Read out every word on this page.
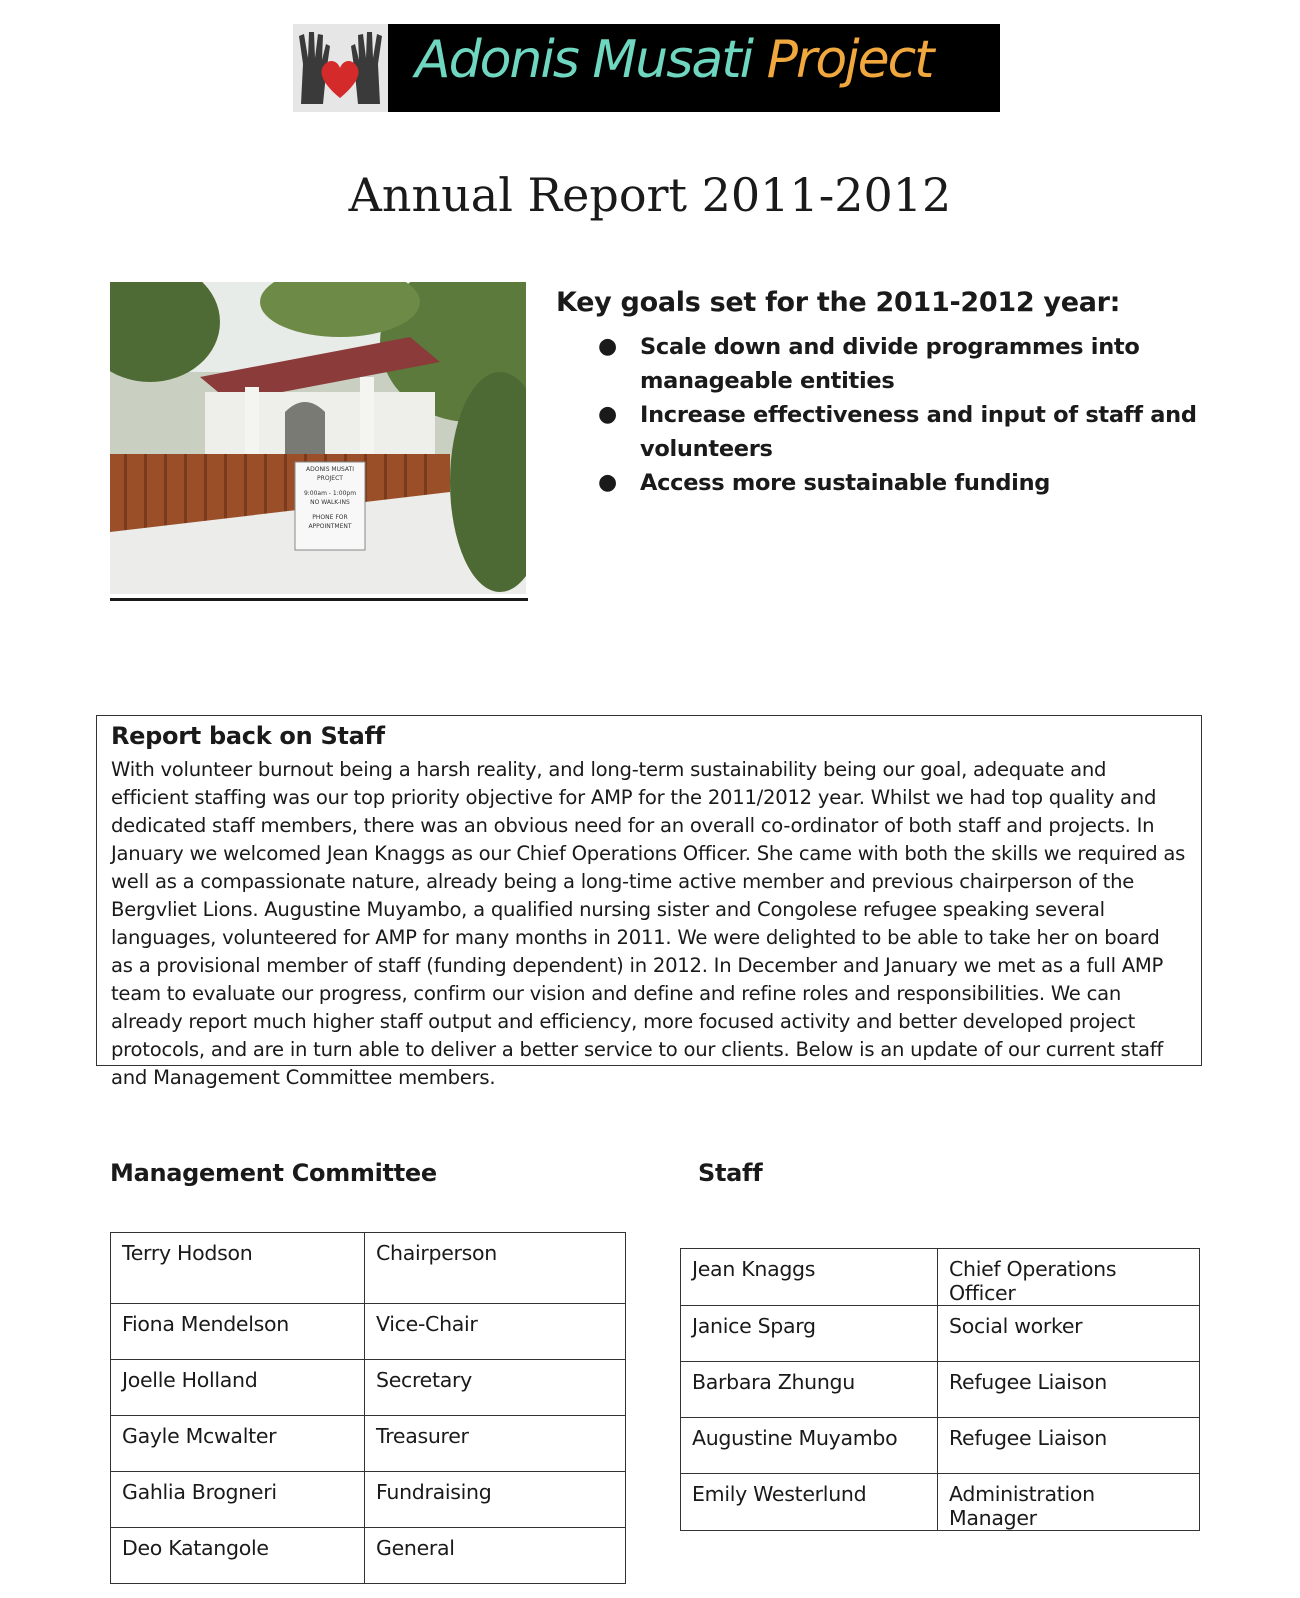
Adonis Musati Project
Annual Report 2011-2012
ADONIS MUSATI
PROJECT
9:00am - 1:00pm
NO WALK-INS
PHONE FOR APPOINTMENT
Key goals set for the 2011-2012 year:
● Scale down and divide programmes into manageable entities
● Increase effectiveness and input of staff and volunteers
● Access more sustainable funding

Report back on Staff

With volunteer burnout being a harsh reality, and long-term sustainability being our goal, adequate and efficient staffing was our top priority objective for AMP for the 2011/2012 year. Whilst we had top quality and dedicated staff members, there was an obvious need for an overall co-ordinator of both staff and projects. In January we welcomed Jean Knaggs as our Chief Operations Officer. She came with both the skills we required as well as a compassionate nature, already being a long-time active member and previous chairperson of the Bergvliet Lions. Augustine Muyambo, a qualified nursing sister and Congolese refugee speaking several languages, volunteered for AMP for many months in 2011. We were delighted to be able to take her on board as a provisional member of staff (funding dependent) in 2012. In December and January we met as a full AMP team to evaluate our progress, confirm our vision and define and refine roles and responsibilities. We can already report much higher staff output and efficiency, more focused activity and better developed project protocols, and are in turn able to deliver a better service to our clients. Below is an update of our current staff and Management Committee members.

Management Committee
Terry Hodson	Chairperson
Fiona Mendelson	Vice-Chair
Joelle Holland	Secretary
Gayle Mcwalter	Treasurer
Gahlia Brogneri	Fundraising
Deo Katangole	General
Staff
Jean Knaggs	Chief Operations Officer
Janice Sparg	Social worker
Barbara Zhungu	Refugee Liaison
Augustine Muyambo	Refugee Liaison
Emily Westerlund	Administration Manager
